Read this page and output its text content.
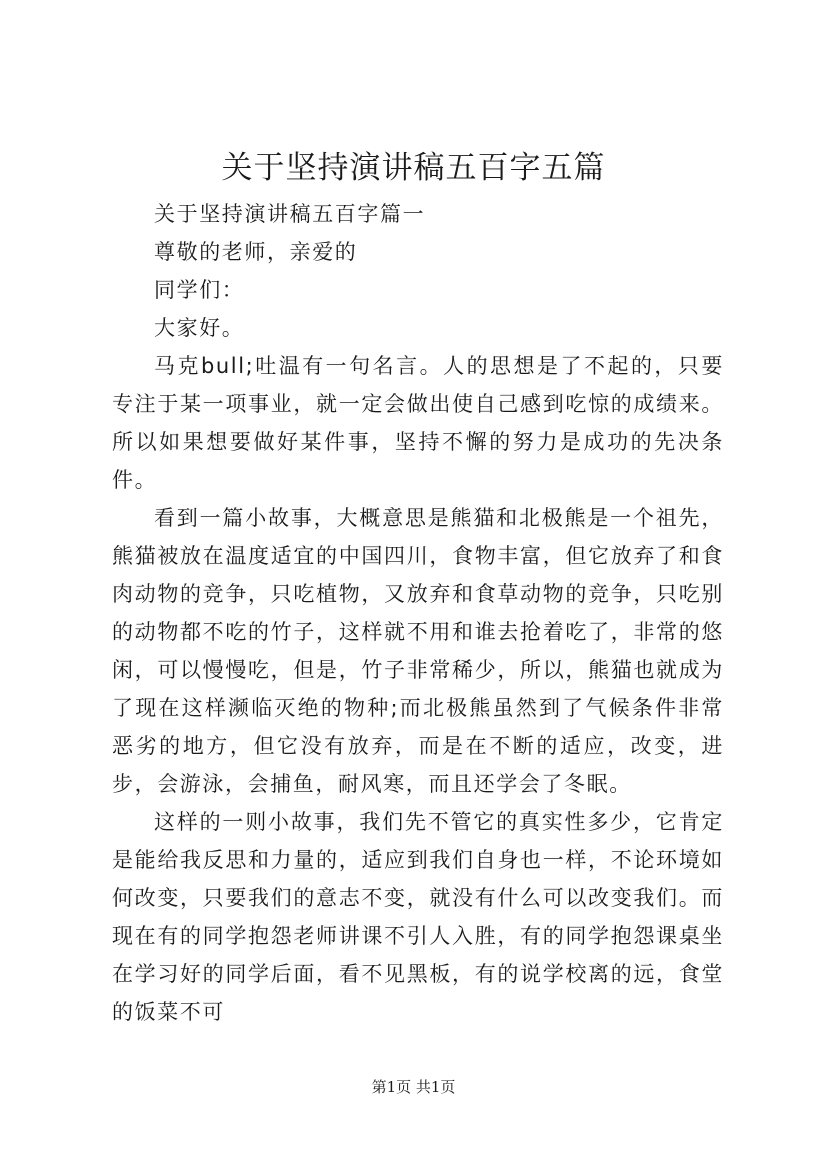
关于坚持演讲稿五百字五篇

关于坚持演讲稿五百字篇一

尊敬的老师，亲爱的

同学们：

大家好。

马克bull;吐温有一句名言。人的思想是了不起的，只要专注于某一项事业，就一定会做出使自己感到吃惊的成绩来。所以如果想要做好某件事，坚持不懈的努力是成功的先决条件。

看到一篇小故事，大概意思是熊猫和北极熊是一个祖先，熊猫被放在温度适宜的中国四川，食物丰富，但它放弃了和食肉动物的竞争，只吃植物，又放弃和食草动物的竞争，只吃别的动物都不吃的竹子，这样就不用和谁去抢着吃了，非常的悠闲，可以慢慢吃，但是，竹子非常稀少，所以，熊猫也就成为了现在这样濒临灭绝的物种;而北极熊虽然到了气候条件非常恶劣的地方，但它没有放弃，而是在不断的适应，改变，进步，会游泳，会捕鱼，耐风寒，而且还学会了冬眠。

这样的一则小故事，我们先不管它的真实性多少，它肯定是能给我反思和力量的，适应到我们自身也一样，不论环境如何改变，只要我们的意志不变，就没有什么可以改变我们。而现在有的同学抱怨老师讲课不引人入胜，有的同学抱怨课桌坐在学习好的同学后面，看不见黑板，有的说学校离的远，食堂的饭菜不可

第1页 共1页
